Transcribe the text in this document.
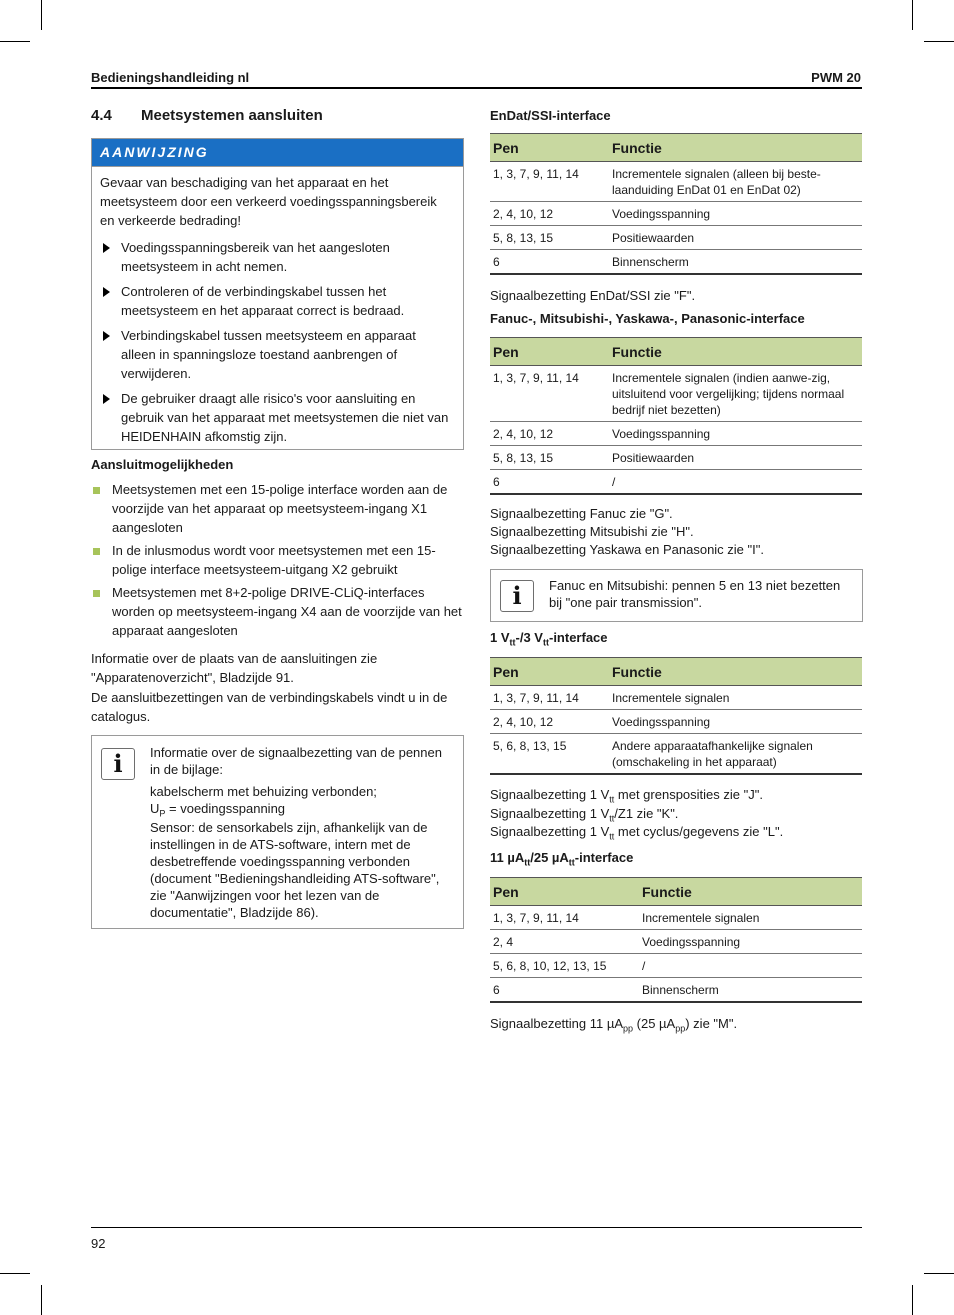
Bedieningshandleiding nl	PWM 20
4.4 Meetsystemen aansluiten
AANWIJZING

Gevaar van beschadiging van het apparaat en het meetsysteem door een verkeerd voedingsspanningsbereik en verkeerde bedrading!

Voedingsspanningsbereik van het aangesloten meetsysteem in acht nemen.
Controleren of de verbindingskabel tussen het meetsysteem en het apparaat correct is bedraad.
Verbindingskabel tussen meetsysteem en apparaat alleen in spanningsloze toestand aanbrengen of verwijderen.
De gebruiker draagt alle risico's voor aansluiting en gebruik van het apparaat met meetsystemen die niet van HEIDENHAIN afkomstig zijn.
Aansluitmogelijkheden
Meetsystemen met een 15-polige interface worden aan de voorzijde van het apparaat op meetsysteem-ingang X1 aangesloten
In de inlusmodus wordt voor meetsystemen met een 15-polige interface meetsysteem-uitgang X2 gebruikt
Meetsystemen met 8+2-polige DRIVE-CLiQ-interfaces worden op meetsysteem-ingang X4 aan de voorzijde van het apparaat aangesloten
Informatie over de plaats van de aansluitingen zie "Apparatenoverzicht", Bladzijde 91.
De aansluitbezettingen van de verbindingskabels vindt u in de catalogus.
i	Informatie over de signaalbezetting van de pennen in de bijlage:
kabelscherm met behuizing verbonden;
$U_P$ = voedingsspanning
Sensor: de sensorkabels zijn, afhankelijk van de instellingen in de ATS-software, intern met de desbetreffende voedingsspanning verbonden (document "Bedieningshandleiding ATS-software", zie "Aanwijzingen voor het lezen van de documentatie", Bladzijde 86).
EnDat/SSI-interface
Pen	Functie
1, 3, 7, 9, 11, 14	Incrementele signalen (alleen bij beste-laanduiding EnDat 01 en EnDat 02)
2, 4, 10, 12	Voedingsspanning
5, 8, 13, 15	Positiewaarden
6	Binnenscherm
Signaalbezetting EnDat/SSI zie "F".
Fanuc-, Mitsubishi-, Yaskawa-, Panasonic-interface
Pen	Functie
1, 3, 7, 9, 11, 14	Incrementele signalen (indien aanwe-zig, uitsluitend voor vergelijking; tijdens normaal bedrijf niet bezetten)
2, 4, 10, 12	Voedingsspanning
5, 8, 13, 15	Positiewaarden
6	/

Signaalbezetting Fanuc zie "G".

Signaalbezetting Mitsubishi zie "H".

Signaalbezetting Yaskawa en Panasonic zie "I".

i	Fanuc en Mitsubishi: pennen 5 en 13 niet bezetten bij "one pair transmission".
1 $V_{tt}-/3$ $V_{tt}$-interface
Pen	Functie
1, 3, 7, 9, 11, 14	Incrementele signalen
2, 4, 10, 12	Voedingsspanning
5, 6, 8, 13, 15	Andere apparaatafhankelijke signalen (omschakeling in het apparaat)

Signaalbezetting 1 $V_{tt}$ met grensposities zie "J".

Signaalbezetting 1 $V_{tt}/Z1$ zie "K".

Signaalbezetting 1 $V_{tt}$ met cyclus/gegevens zie "L".

11 µA$_{tt}$/25 µA$_{tt}$-interface
Pen	Functie
1, 3, 7, 9, 11, 14	Incrementele signalen
2, 4	Voedingsspanning
5, 6, 8, 10, 12, 13, 15	/
6	Binnenscherm
Signaalbezetting 11 µA$_{pp}$ (25 µA$_{pp}$) zie "M".
92
